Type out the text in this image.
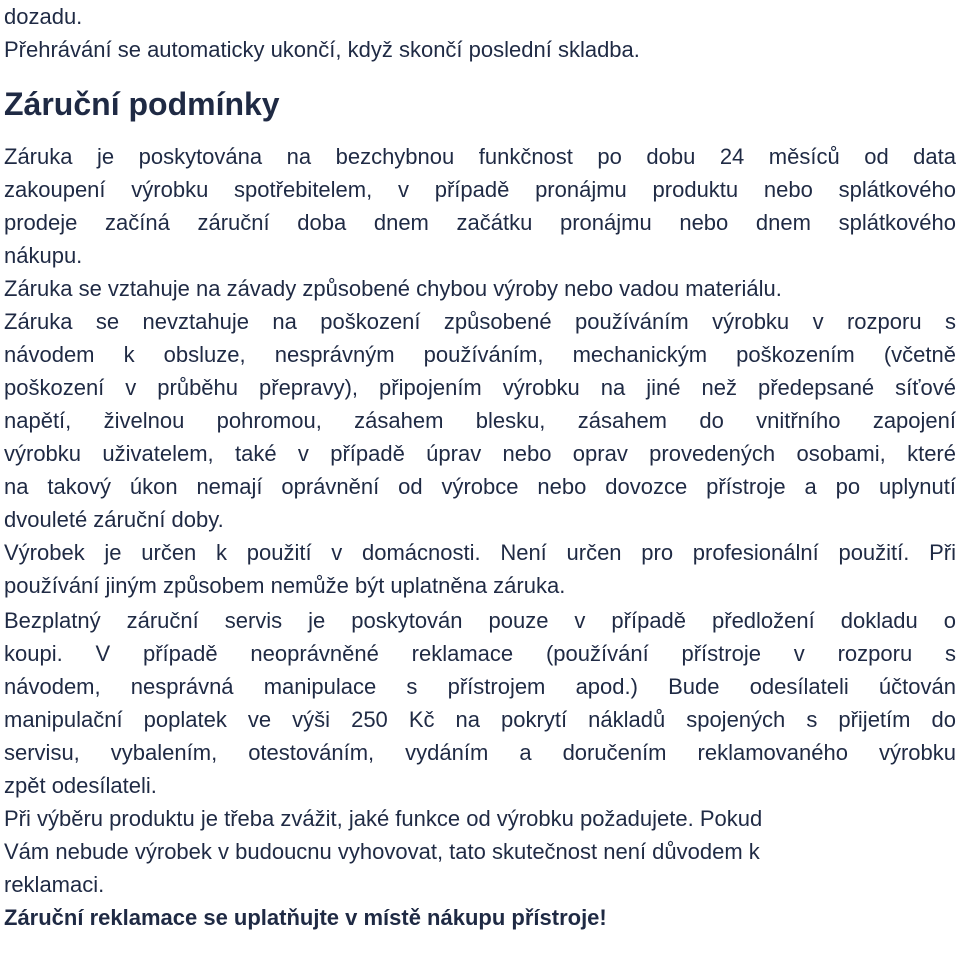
dozadu.

Přehrávání se automaticky ukončí, když skončí poslední skladba.

Záruční podmínky

Záruka je poskytována na bezchybnou funkčnost po dobu 24 měsíců od data

zakoupení výrobku spotřebitelem, v případě pronájmu produktu nebo splátkového

prodeje začíná záruční doba dnem začátku pronájmu nebo dnem splátkového

nákupu.

Záruka se vztahuje na závady způsobené chybou výroby nebo vadou materiálu.

Záruka se nevztahuje na poškození způsobené používáním výrobku v rozporu s

návodem k obsluze, nesprávným používáním, mechanickým poškozením (včetně

poškození v průběhu přepravy), připojením výrobku na jiné než předepsané síťové

napětí, živelnou pohromou, zásahem blesku, zásahem do vnitřního zapojení

výrobku uživatelem, také v případě úprav nebo oprav provedených osobami, které

na takový úkon nemají oprávnění od výrobce nebo dovozce přístroje a po uplynutí

dvouleté záruční doby.

Výrobek je určen k použití v domácnosti. Není určen pro profesionální použití. Při

používání jiným způsobem nemůže být uplatněna záruka.

Bezplatný záruční servis je poskytován pouze v případě předložení dokladu o

koupi. V případě neoprávněné reklamace (používání přístroje v rozporu s

návodem, nesprávná manipulace s přístrojem apod.) Bude odesílateli účtován

manipulační poplatek ve výši 250 Kč na pokrytí nákladů spojených s přijetím do

servisu, vybalením, otestováním, vydáním a doručením reklamovaného výrobku

zpět odesílateli.

Při výběru produktu je třeba zvážit, jaké funkce od výrobku požadujete. Pokud

Vám nebude výrobek v budoucnu vyhovovat, tato skutečnost není důvodem k

reklamaci.

Záruční reklamace se uplatňujte v místě nákupu přístroje!
